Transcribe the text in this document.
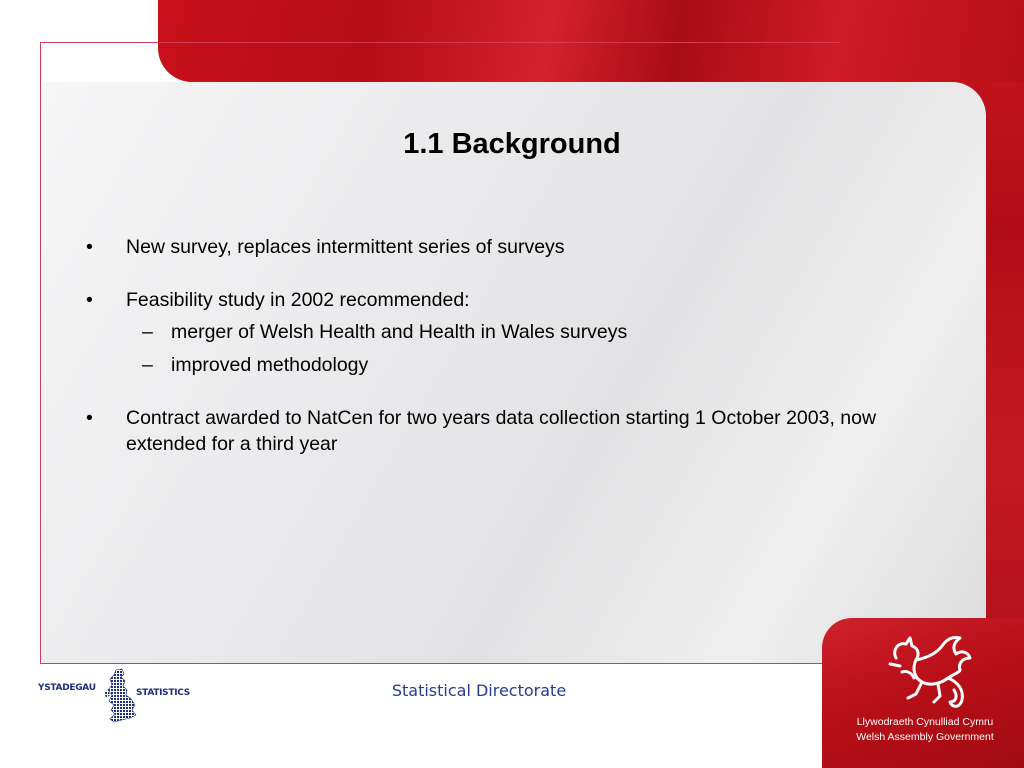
1.1 Background
• New survey, replaces intermittent series of surveys
• Feasibility study in 2002 recommended:
– merger of Welsh Health and Health in Wales surveys
– improved methodology
• Contract awarded to NatCen for two years data collection starting 1 October 2003, now extended for a third year
YSTADEGAU	STATISTICS	Statistical Directorate
Llywodraeth Cynulliad Cymru
Welsh Assembly Government
